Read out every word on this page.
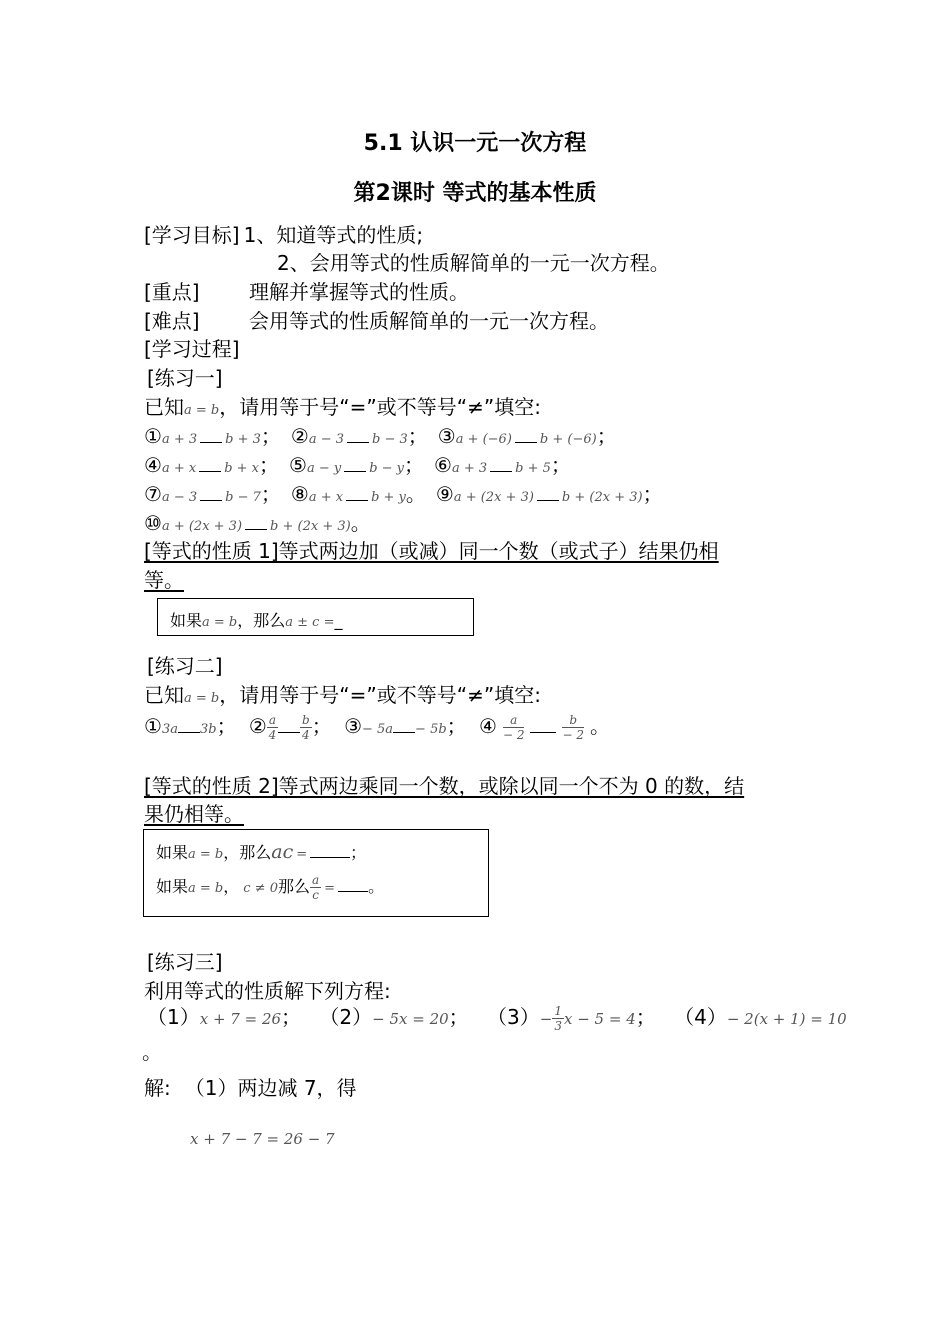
5.1 认识一元一次方程
第2课时 等式的基本性质
[学习目标] 1、知道等式的性质;
2、会用等式的性质解简单的一元一次方程。
[重点] 理解并掌握等式的性质。
[难点] 会用等式的性质解简单的一元一次方程。
[学习过程]
[练习一]
已知a = b，请用等于号“=”或不等号“≠”填空:
①a + 3 b + 3； ②a − 3 b − 3； ③a + (−6) b + (−6)；
④a + x b + x； ⑤a − y b − y； ⑥a + 3 b + 5；
⑦a − 3 b − 7； ⑧a + x b + y。 ⑨a + (2x + 3) b + (2x + 3)；
⑩a + (2x + 3) b + (2x + 3)。
[等式的性质 1]等式两边加（或减）同一个数（或式子）结果仍相
等。
如果a = b，那么a ± c =_
[练习二]
已知a = b，请用等于号“=”或不等号“≠”填空:
①3a 3b； ② $\frac{a}{4} \frac{b}{4}$ ； ③− 5a − 5b； ④ $\frac{a}{- 2}$	$\frac{b}{- 2}$ 。
[等式的性质 2]等式两边乘同一个数，或除以同一个不为 0 的数，结
果仍相等。
如果a = b，那么ac =	；
如果a = b， c ≠ 0那么 $\frac{a}{c}$ = 。
[练习三]
利用等式的性质解下列方程:
（1）x + 7 = 26； （2）− 5x = 20； $(3)- \frac{1}{3}$ x − 5 = 4； （4）− 2(x + 1) = 10
。
解: （1）两边减 7，得
x + 7 − 7 = 26 − 7
